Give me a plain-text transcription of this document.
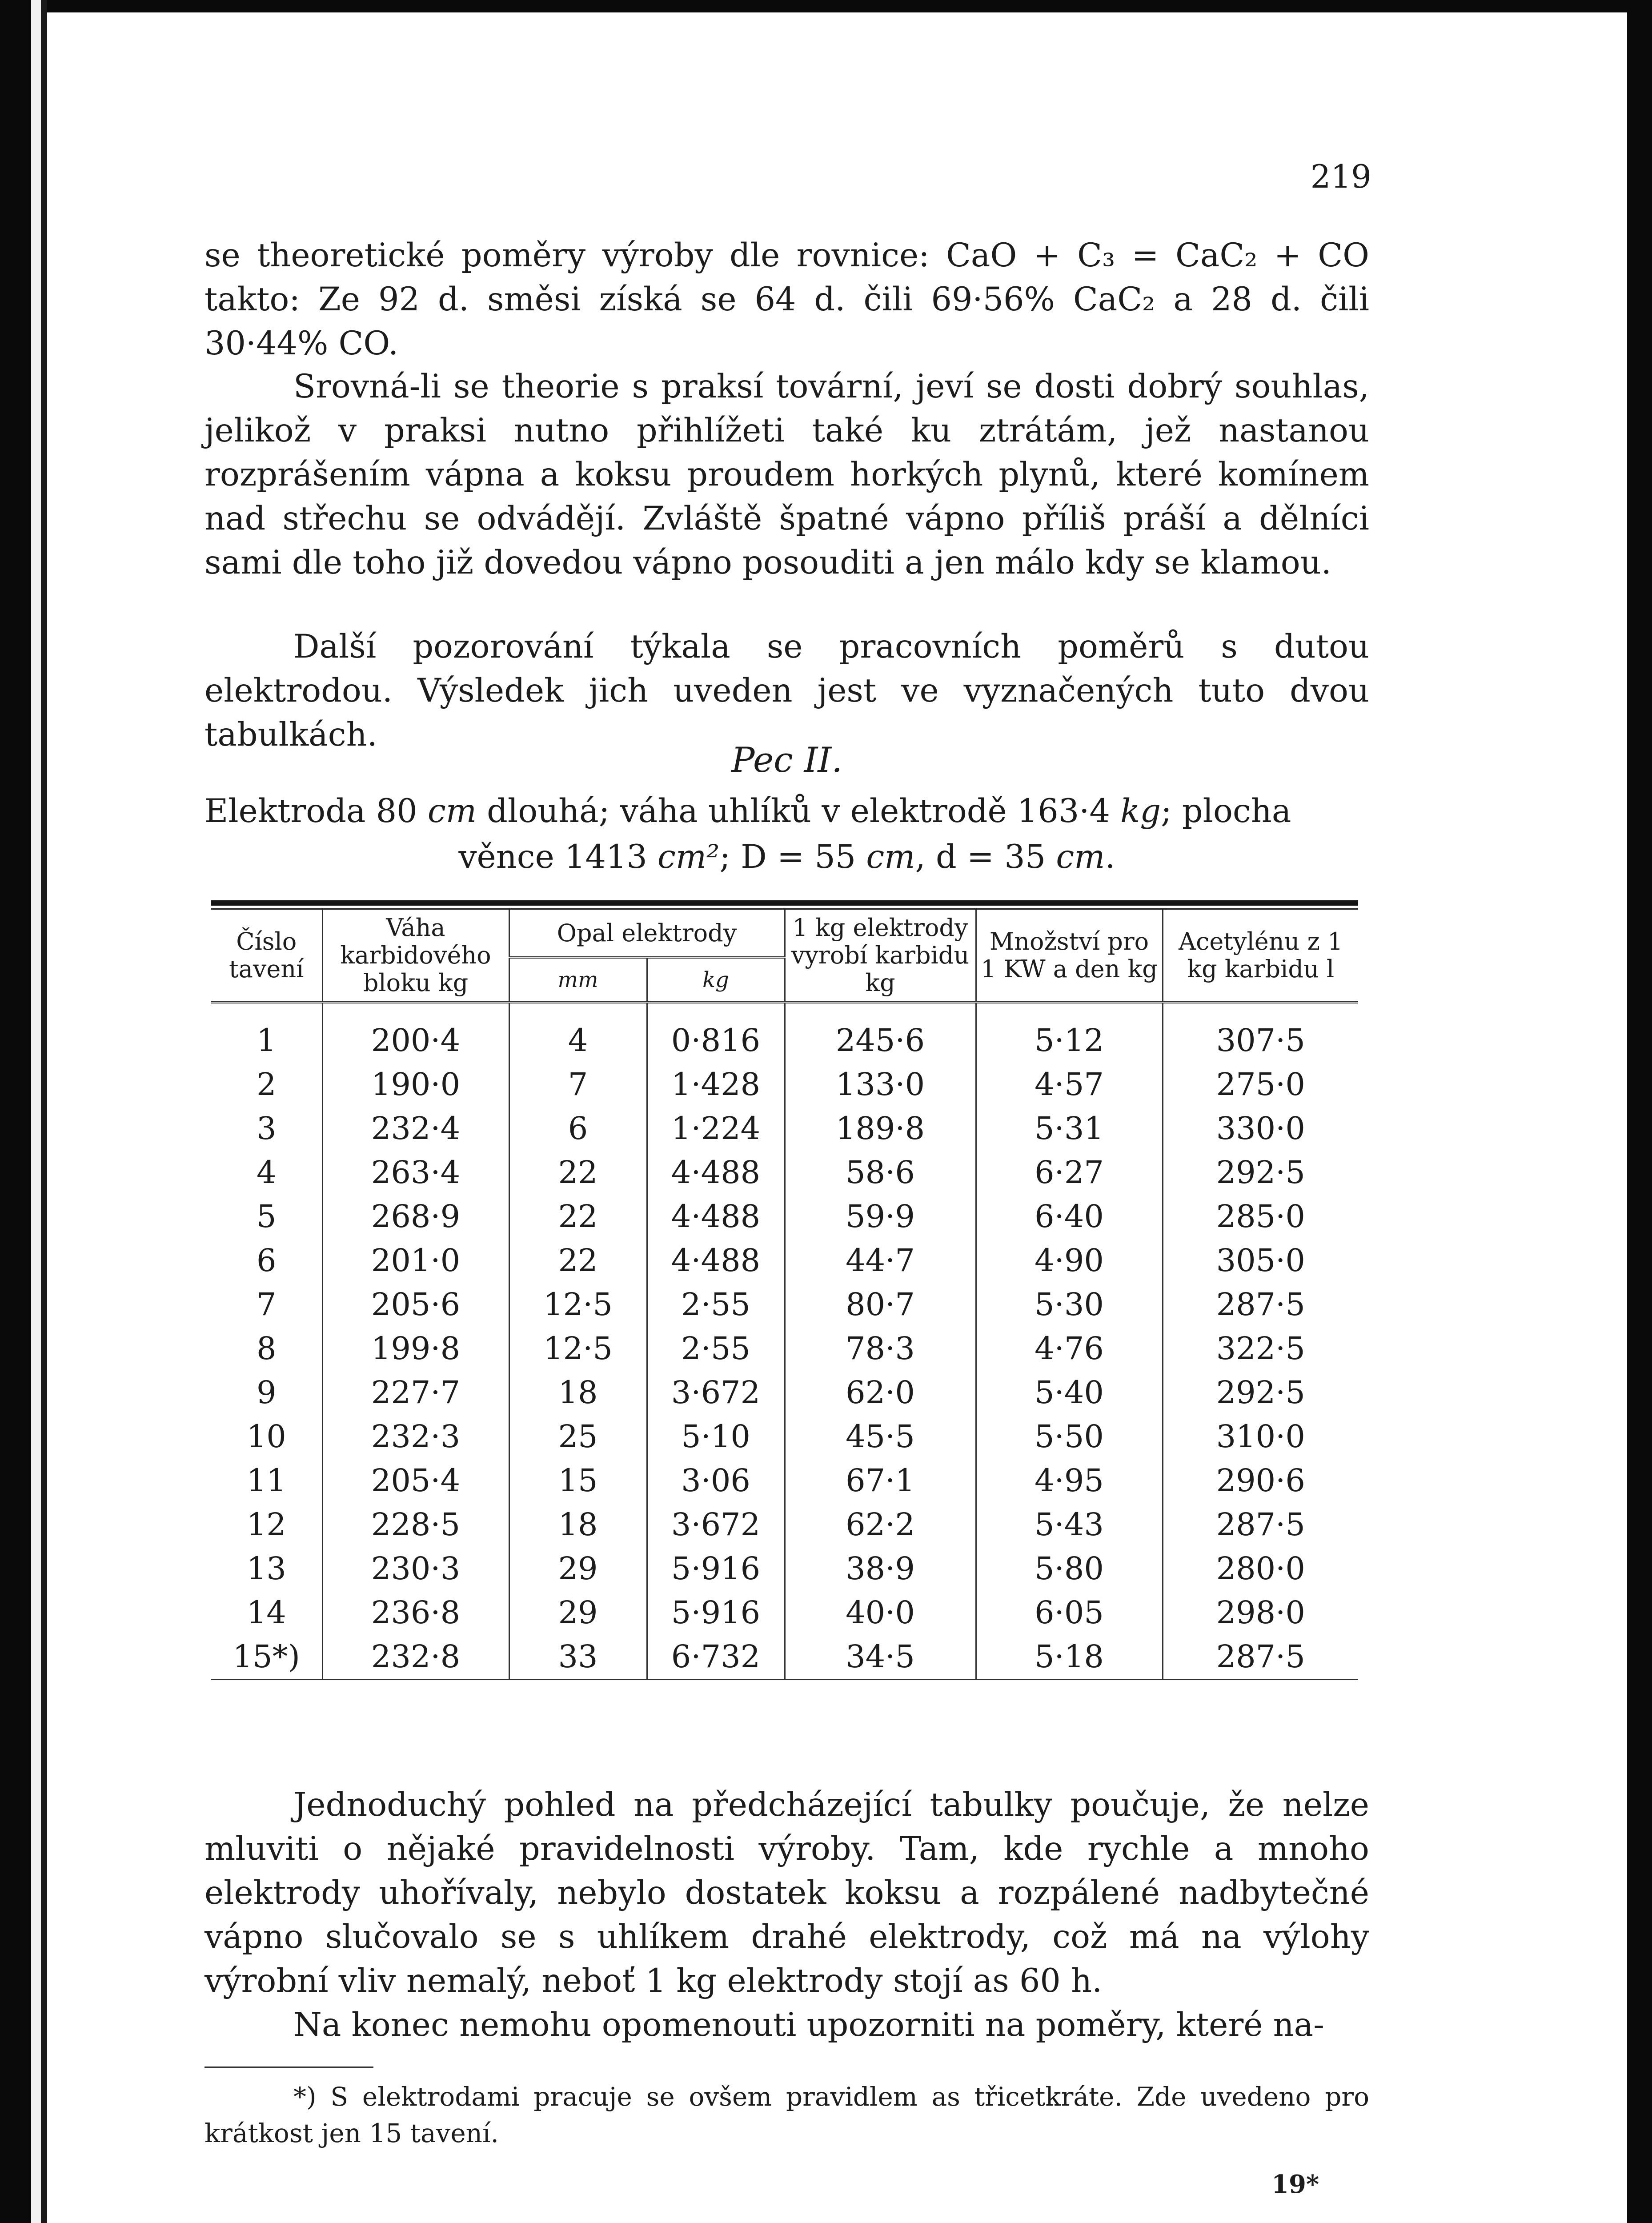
219

se theoretické poměry výroby dle rovnice: CaO + C₃ = CaC₂ + CO takto: Ze 92 d. směsi získá se 64 d. čili 69·56% CaC₂ a 28 d. čili 30·44% CO.

Srovná-li se theorie s praksí tovární, jeví se dosti dobrý souhlas, jelikož v praksi nutno přihlížeti také ku ztrátám, jež nastanou rozprášením vápna a koksu proudem horkých plynů, které komínem nad střechu se odvádějí. Zvláště špatné vápno příliš práší a dělníci sami dle toho již dovedou vápno posouditi a jen málo kdy se klamou.

Další pozorování týkala se pracovních poměrů s dutou elektrodou. Výsledek jich uveden jest ve vyznačených tuto dvou tabulkách.

Pec II.

Elektroda 80 cm dlouhá; váha uhlíků v elektrodě 163·4 kg; plocha

věnce 1413 cm²; D = 55 cm, d = 35 cm.
Číslo tavení	Váha karbidového bloku kg	Opal elektrody		1 kg elektrody vyrobí karbidu kg	Množství pro 1 KW a den kg	Acetylénu z 1 kg karbidu l
		mm	kg			
1	200·4	4	0·816	245·6	5·12	307·5
2	190·0	7	1·428	133·0	4·57	275·0
3	232·4	6	1·224	189·8	5·31	330·0
4	263·4	22	4·488	58·6	6·27	292·5
5	268·9	22	4·488	59·9	6·40	285·0
6	201·0	22	4·488	44·7	4·90	305·0
7	205·6	12·5	2·55	80·7	5·30	287·5
8	199·8	12·5	2·55	78·3	4·76	322·5
9	227·7	18	3·672	62·0	5·40	292·5
10	232·3	25	5·10	45·5	5·50	310·0
11	205·4	15	3·06	67·1	4·95	290·6
12	228·5	18	3·672	62·2	5·43	287·5
13	230·3	29	5·916	38·9	5·80	280·0
14	236·8	29	5·916	40·0	6·05	298·0
15*)	232·8	33	6·732	34·5	5·18	287·5

Jednoduchý pohled na předcházející tabulky poučuje, že nelze mluviti o nějaké pravidelnosti výroby. Tam, kde rychle a mnoho elektrody uhořívaly, nebylo dostatek koksu a rozpálené nadbytečné vápno slučovalo se s uhlíkem drahé elektrody, což má na výlohy výrobní vliv nemalý, neboť 1 kg elektrody stojí as 60 h.

Na konec nemohu opomenouti upozorniti na poměry, které na-

*) S elektrodami pracuje se ovšem pravidlem as třicetkráte. Zde uvedeno pro krátkost jen 15 tavení.

19*
